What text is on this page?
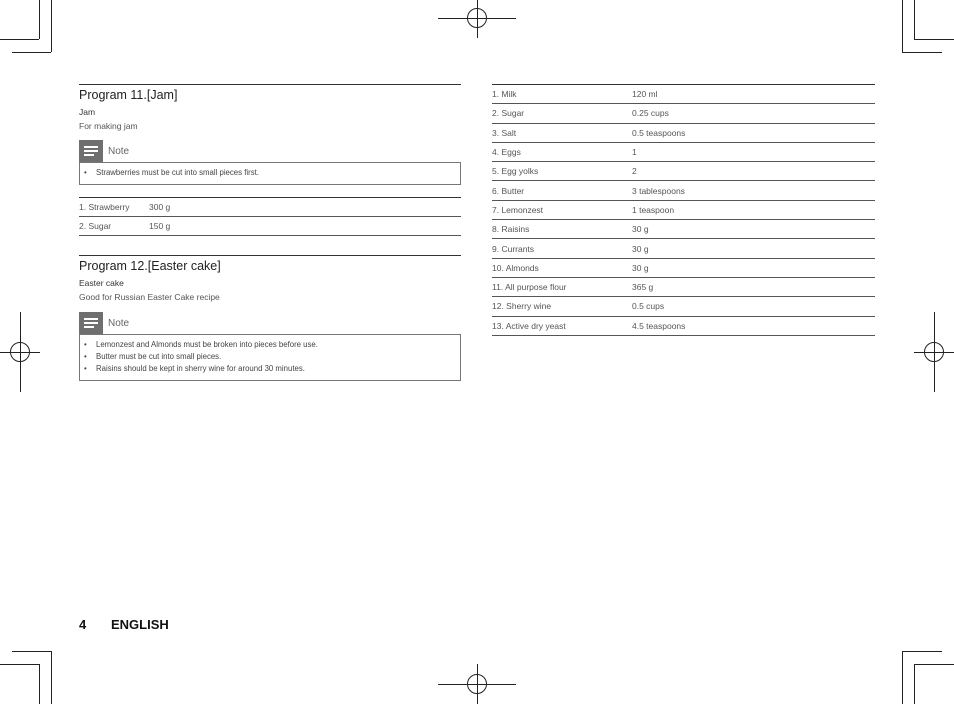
Program 11.[Jam]
Jam
For making jam
Note
• Strawberries must be cut into small pieces first.
1. Strawberry	300 g
2. Sugar	150 g
Program 12.[Easter cake]
Easter cake
Good for Russian Easter Cake recipe
Note
• Lemonzest and Almonds must be broken into pieces before use.
• Butter must be cut into small pieces.
• Raisins should be kept in sherry wine for around 30 minutes.
1. Milk	120 ml
2. Sugar	0.25 cups
3. Salt	0.5 teaspoons
4. Eggs	1
5. Egg yolks	2
6. Butter	3 tablespoons
7. Lemonzest	1 teaspoon
8. Raisins	30 g
9. Currants	30 g
10. Almonds	30 g
11. All purpose flour	365 g
12. Sherry wine	0.5 cups
13. Active dry yeast	4.5 teaspoons
4 ENGLISH
